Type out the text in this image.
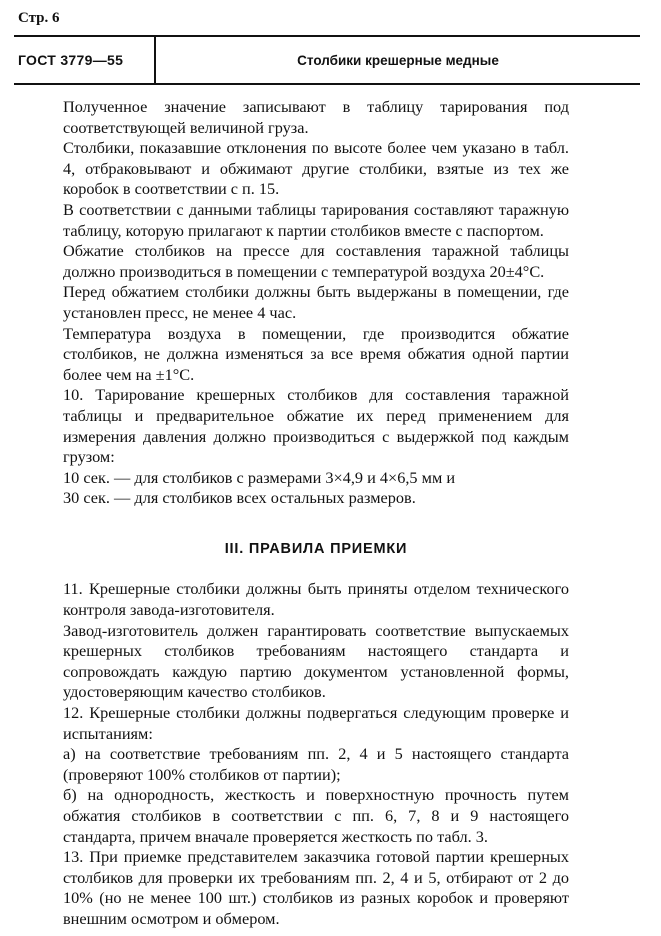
Стр. 6
ГОСТ 3779—55	Столбики крешерные медные

Полученное значение записывают в таблицу тарирования под соответствующей величиной груза.

Столбики, показавшие отклонения по высоте более чем указано в табл. 4, отбраковывают и обжимают другие столбики, взятые из тех же коробок в соответствии с п. 15.

В соответствии с данными таблицы тарирования составляют таражную таблицу, которую прилагают к партии столбиков вместе с паспортом.

Обжатие столбиков на прессе для составления таражной таблицы должно производиться в помещении с температурой воздуха 20±4°С.

Перед обжатием столбики должны быть выдержаны в помещении, где установлен пресс, не менее 4 час.

Температура воздуха в помещении, где производится обжатие столбиков, не должна изменяться за все время обжатия одной партии более чем на ±1°С.

10. Тарирование крешерных столбиков для составления таражной таблицы и предварительное обжатие их перед применением для измерения давления должно производиться с выдержкой под каждым грузом:

10 сек. — для столбиков с размерами 3×4,9 и 4×6,5 мм и

30 сек. — для столбиков всех остальных размеров.

III. ПРАВИЛА ПРИЕМКИ

11. Крешерные столбики должны быть приняты отделом технического контроля завода-изготовителя.

Завод-изготовитель должен гарантировать соответствие выпускаемых крешерных столбиков требованиям настоящего стандарта и сопровождать каждую партию документом установленной формы, удостоверяющим качество столбиков.

12. Крешерные столбики должны подвергаться следующим проверке и испытаниям:

а) на соответствие требованиям пп. 2, 4 и 5 настоящего стандарта (проверяют 100% столбиков от партии);

б) на однородность, жесткость и поверхностную прочность путем обжатия столбиков в соответствии с пп. 6, 7, 8 и 9 настоящего стандарта, причем вначале проверяется жесткость по табл. 3.

13. При приемке представителем заказчика готовой партии крешерных столбиков для проверки их требованиям пп. 2, 4 и 5, отбирают от 2 до 10% (но не менее 100 шт.) столбиков из разных коробок и проверяют внешним осмотром и обмером.
